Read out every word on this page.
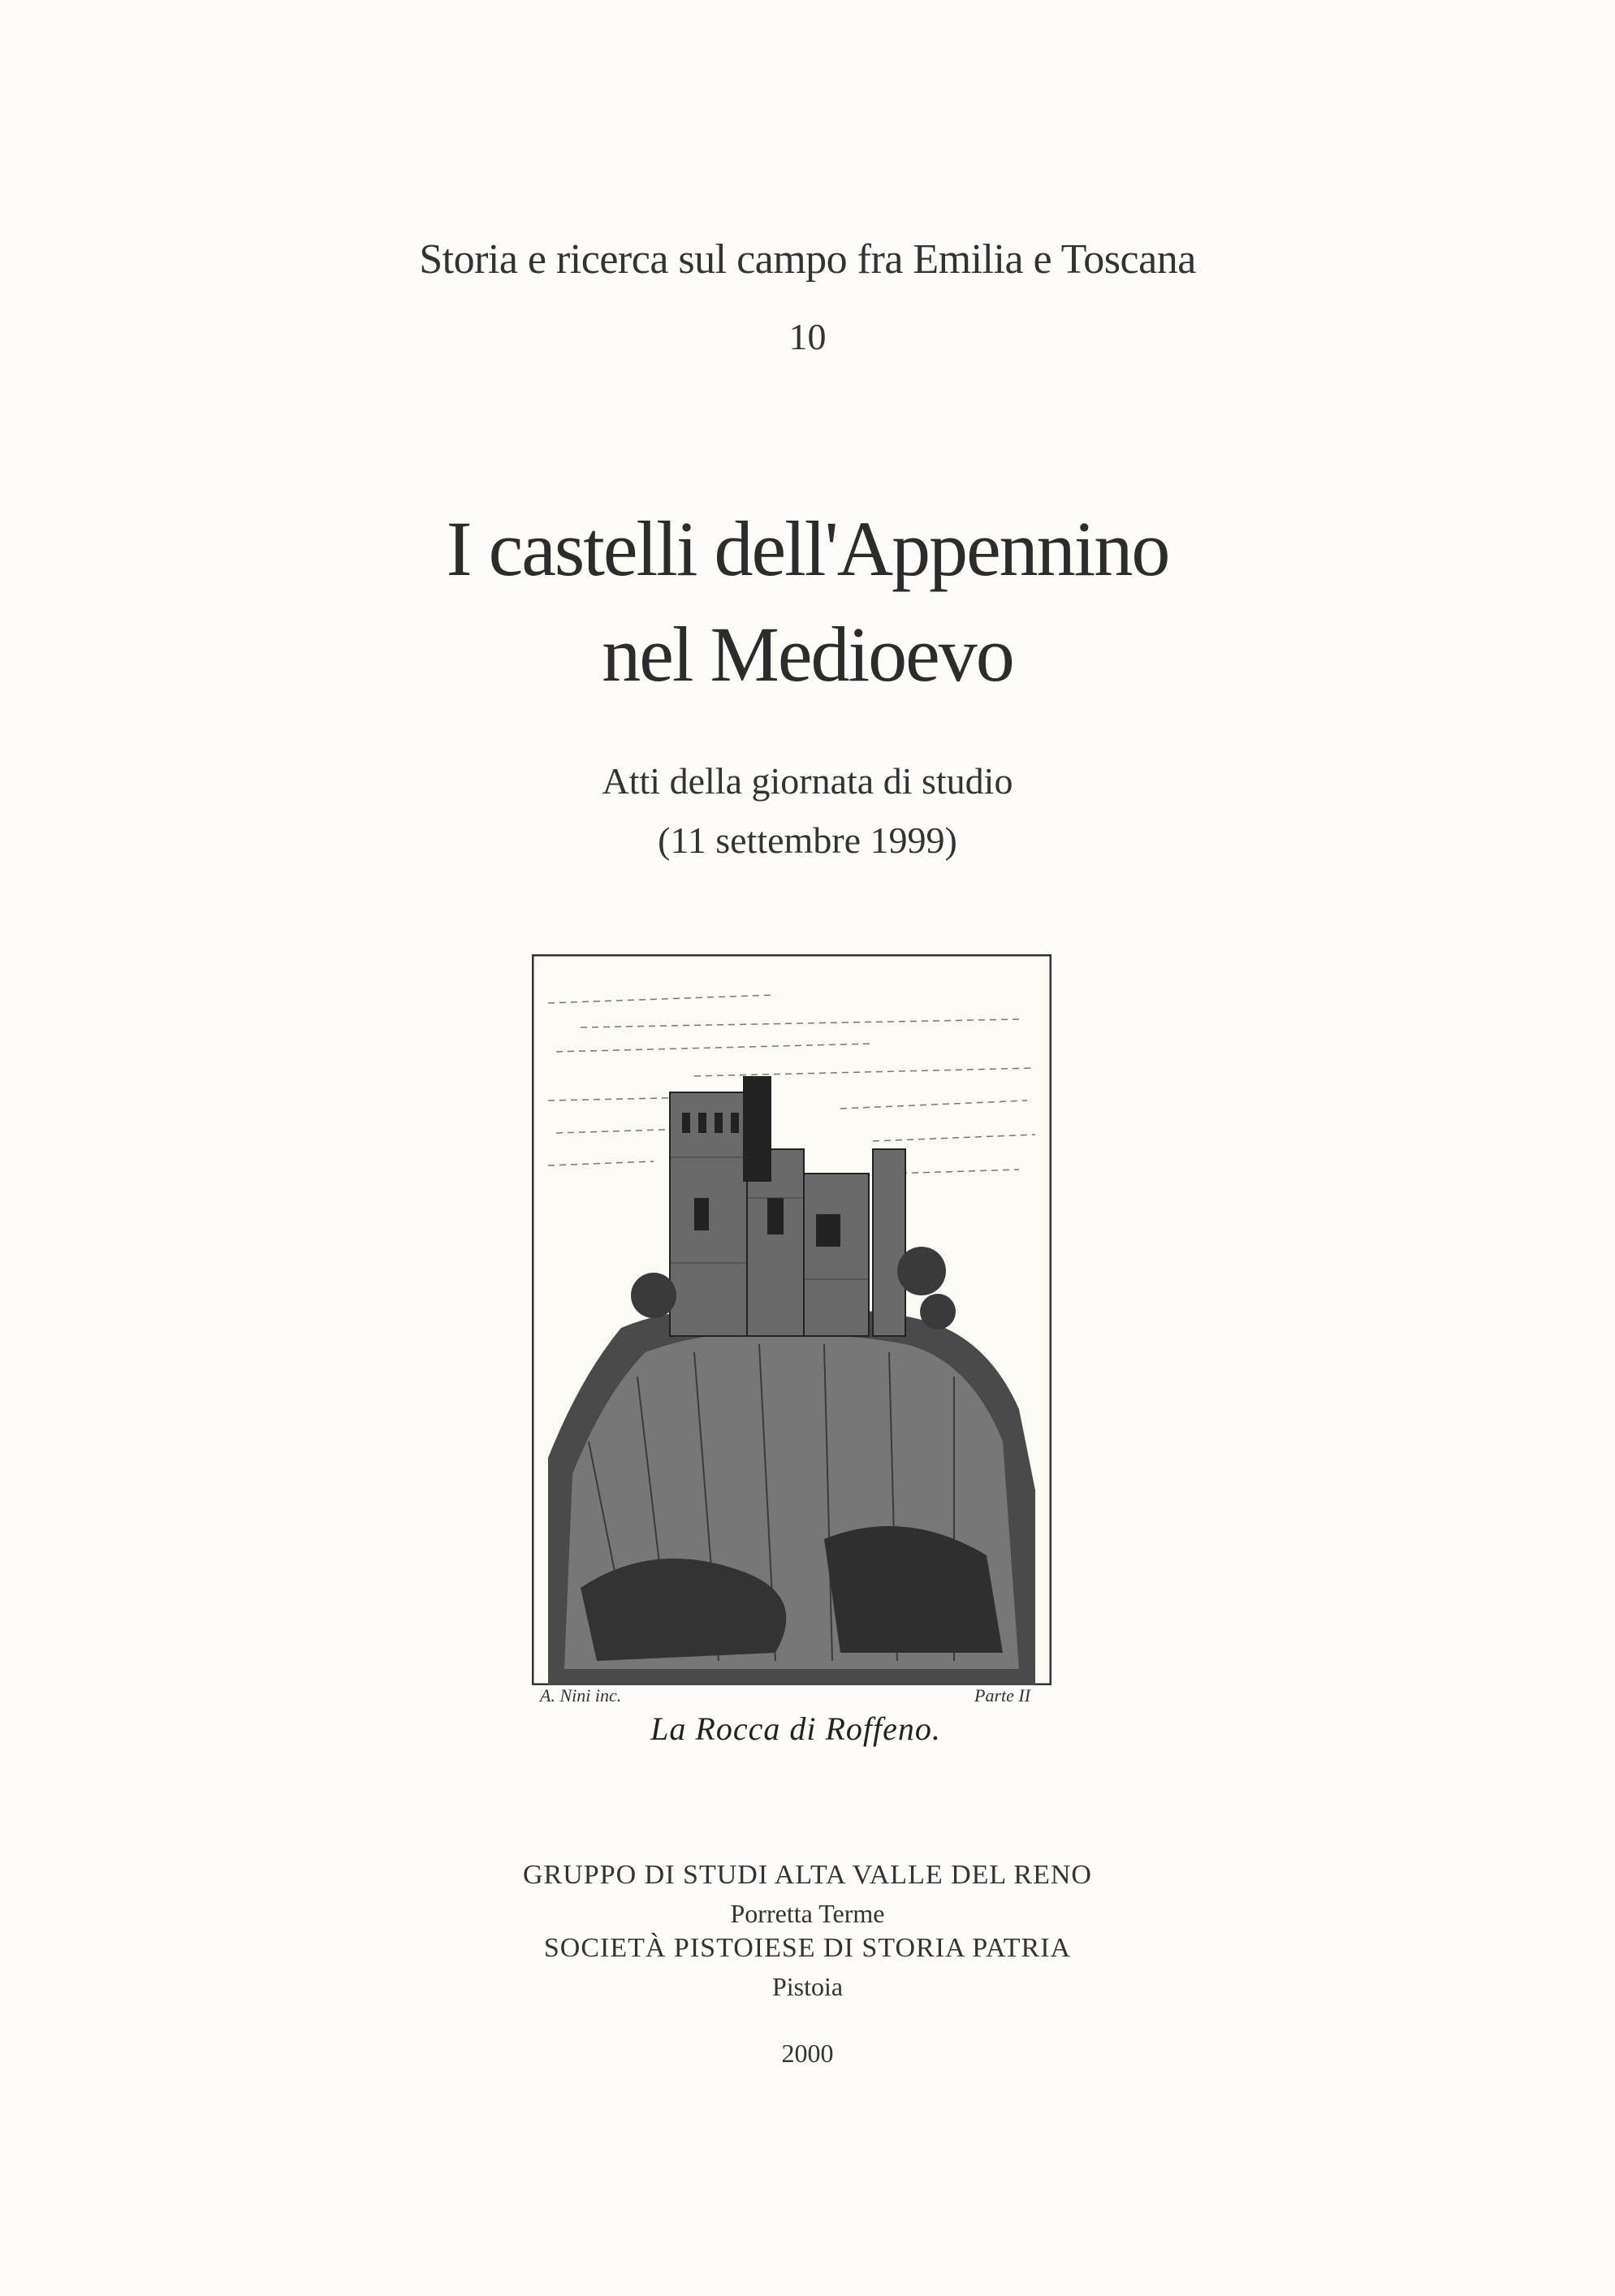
Storia e ricerca sul campo fra Emilia e Toscana
10
I castelli dell'Appennino
nel Medioevo
Atti della giornata di studio
(11 settembre 1999)
A. Nini inc.	Parte II
La Rocca di Roffeno.
GRUPPO DI STUDI ALTA VALLE DEL RENO
Porretta Terme
SOCIETÀ PISTOIESE DI STORIA PATRIA
Pistoia
2000
